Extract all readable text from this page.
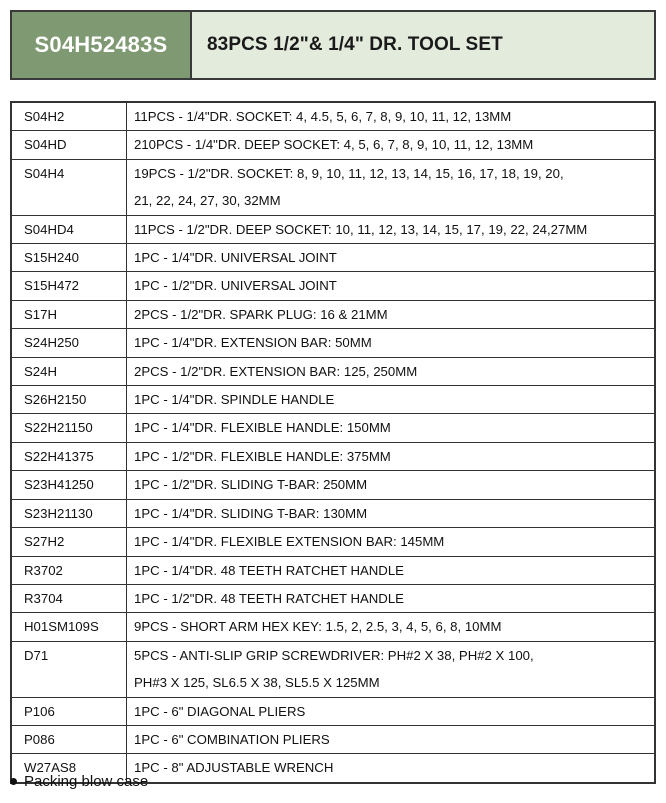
S04H52483S 83PCS 1/2"& 1/4" DR. TOOL SET
S04H2	11PCS - 1/4"DR. SOCKET: 4, 4.5, 5, 6, 7, 8, 9, 10, 11, 12, 13MM

S04HD	210PCS - 1/4"DR. DEEP SOCKET: 4, 5, 6, 7, 8, 9, 10, 11, 12, 13MM

S04H4	19PCS - 1/2"DR. SOCKET: 8, 9, 10, 11, 12, 13, 14, 15, 16, 17, 18, 19, 20,
21, 22, 24, 27, 30, 32MM

S04HD4	11PCS - 1/2"DR. DEEP SOCKET: 10, 11, 12, 13, 14, 15, 17, 19, 22, 24,27MM

S15H240	1PC - 1/4"DR. UNIVERSAL JOINT

S15H472	1PC - 1/2"DR. UNIVERSAL JOINT

S17H	2PCS - 1/2"DR. SPARK PLUG: 16 & 21MM

S24H250	1PC - 1/4"DR. EXTENSION BAR: 50MM

S24H	2PCS - 1/2"DR. EXTENSION BAR: 125, 250MM

S26H2150	1PC - 1/4"DR. SPINDLE HANDLE

S22H21150	1PC - 1/4"DR. FLEXIBLE HANDLE: 150MM

S22H41375	1PC - 1/2"DR. FLEXIBLE HANDLE: 375MM

S23H41250	1PC - 1/2"DR. SLIDING T-BAR: 250MM

S23H21130	1PC - 1/4"DR. SLIDING T-BAR: 130MM

S27H2	1PC - 1/4"DR. FLEXIBLE EXTENSION BAR: 145MM

R3702	1PC - 1/4"DR. 48 TEETH RATCHET HANDLE

R3704	1PC - 1/2"DR. 48 TEETH RATCHET HANDLE

H01SM109S	9PCS - SHORT ARM HEX KEY: 1.5, 2, 2.5, 3, 4, 5, 6, 8, 10MM

D71	5PCS - ANTI-SLIP GRIP SCREWDRIVER: PH#2 X 38, PH#2 X 100,
PH#3 X 125, SL6.5 X 38, SL5.5 X 125MM

P106	1PC - 6" DIAGONAL PLIERS

P086	1PC - 6" COMBINATION PLIERS

W27AS8	1PC - 8" ADJUSTABLE WRENCH
Packing blow case
